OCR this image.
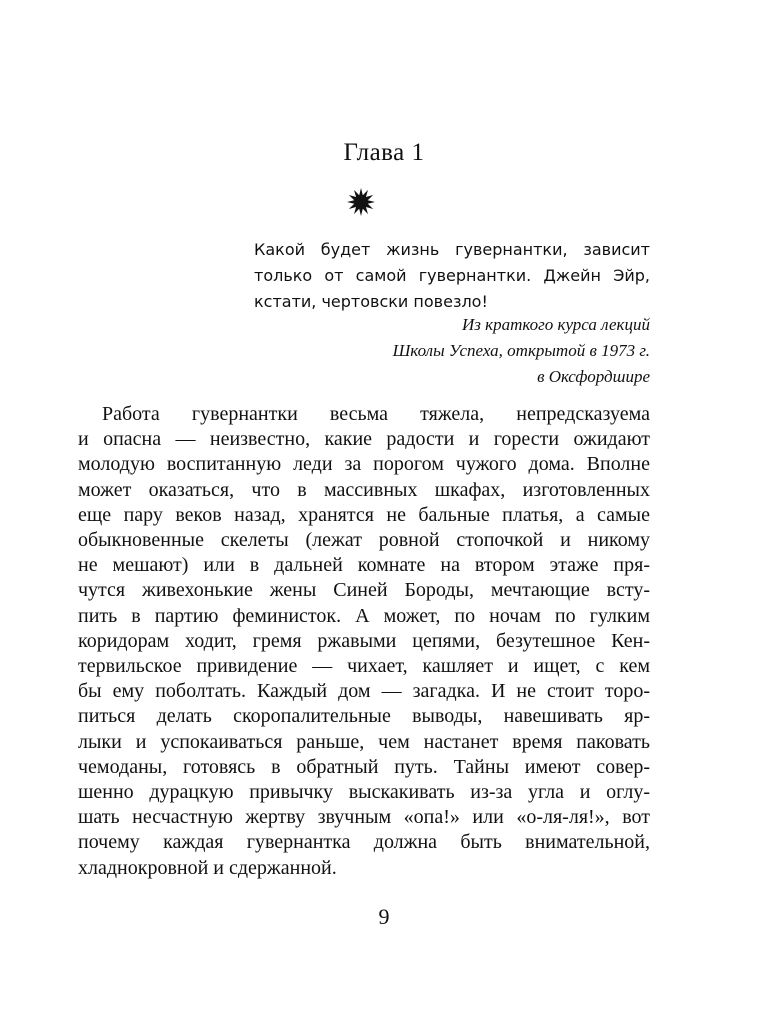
Глава 1
Какой будет жизнь гувернантки, зависит
только от самой гувернантки. Джейн Эйр,
кстати, чертовски повезло!
Из краткого курса лекций
Школы Успеха, открытой в 1973 г.
в Оксфордшире
Работа гувернантки весьма тяжела, непредсказуема
и опасна — неизвестно, какие радости и горести ожидают
молодую воспитанную леди за порогом чужого дома. Вполне
может оказаться, что в массивных шкафах, изготовленных
еще пару веков назад, хранятся не бальные платья, а самые
обыкновенные скелеты (лежат ровной стопочкой и никому
не мешают) или в дальней комнате на втором этаже пря-
чутся живехонькие жены Синей Бороды, мечтающие всту-
пить в партию феминисток. А может, по ночам по гулким
коридорам ходит, гремя ржавыми цепями, безутешное Кен-
тервильское привидение — чихает, кашляет и ищет, с кем
бы ему поболтать. Каждый дом — загадка. И не стоит торо-
питься делать скоропалительные выводы, навешивать яр-
лыки и успокаиваться раньше, чем настанет время паковать
чемоданы, готовясь в обратный путь. Тайны имеют совер-
шенно дурацкую привычку выскакивать из-за угла и оглу-
шать несчастную жертву звучным «опа!» или «о-ля-ля!», вот
почему каждая гувернантка должна быть внимательной,
хладнокровной и сдержанной.
9
